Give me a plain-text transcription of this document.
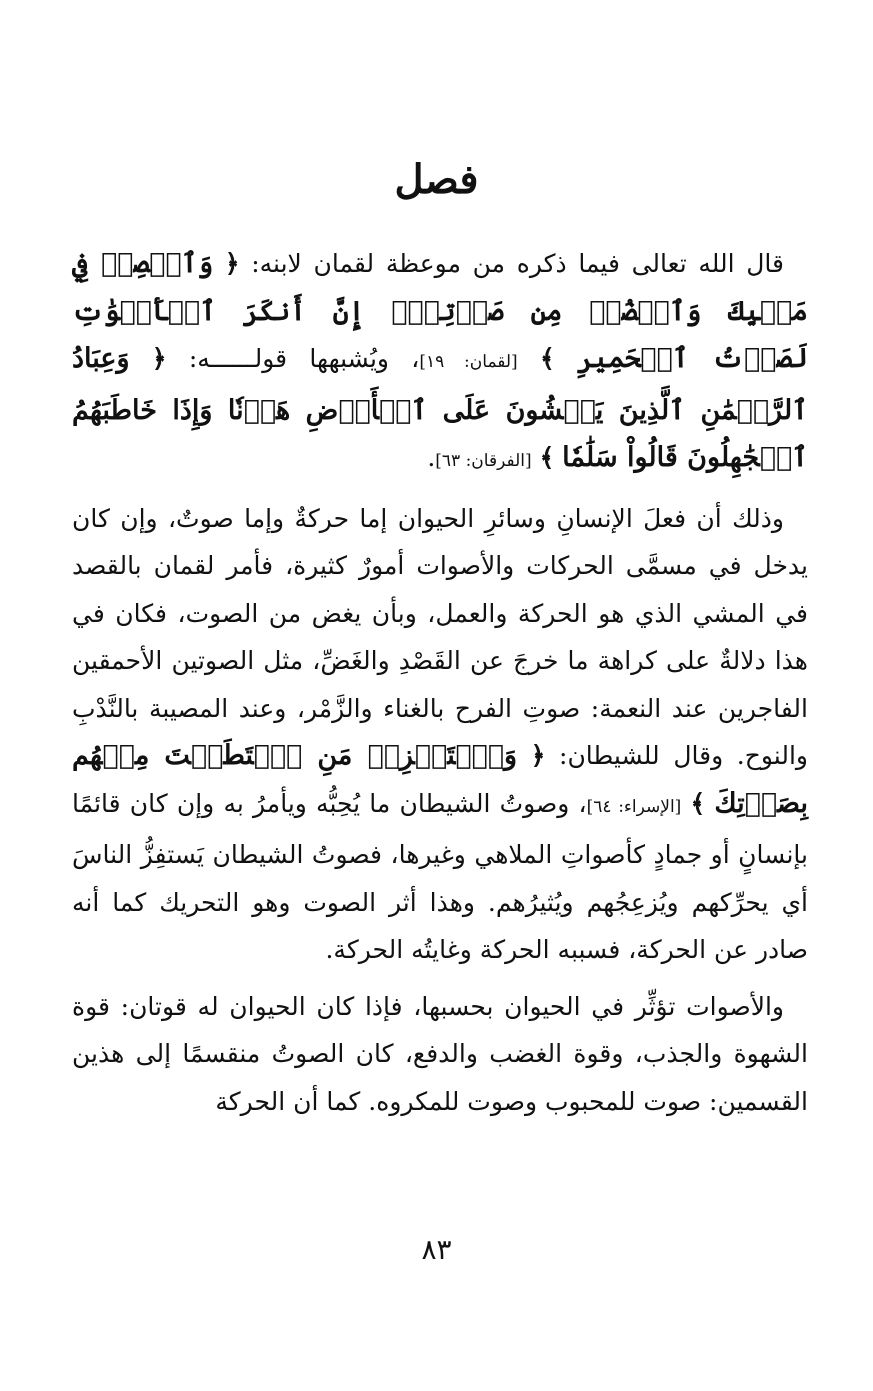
فصل

قال الله تعالى فيما ذكره من موعظة لقمان لابنه: ﴿ وَٱقۡصِدۡ فِي مَشۡيِكَ وَٱغۡضُضۡ مِن صَوۡتِكَۚ إِنَّ أَنكَرَ ٱلۡأَصۡوَٰتِ لَصَوۡتُ ٱلۡحَمِيرِ ﴾ [لقمان: ١٩]، ويُشبهها قولــــــه: ﴿ وَعِبَادُ ٱلرَّحۡمَٰنِ ٱلَّذِينَ يَمۡشُونَ عَلَى ٱلۡأَرۡضِ هَوۡنٗا وَإِذَا خَاطَبَهُمُ ٱلۡجَٰهِلُونَ قَالُواْ سَلَٰمٗا ﴾ [الفرقان: ٦٣].

وذلك أن فعلَ الإنسانِ وسائرِ الحيوان إما حركةٌ وإما صوتٌ، وإن كان يدخل في مسمَّى الحركات والأصوات أمورٌ كثيرة، فأمر لقمان بالقصد في المشي الذي هو الحركة والعمل، وبأن يغض من الصوت، فكان في هذا دلالةٌ على كراهة ما خرجَ عن القَصْدِ والغَضِّ، مثل الصوتين الأحمقين الفاجرين عند النعمة: صوتِ الفرح بالغناء والزَّمْر، وعند المصيبة بالنَّدْبِ والنوح. وقال للشيطان: ﴿ وَٱسۡتَفۡزِزۡ مَنِ ٱسۡتَطَعۡتَ مِنۡهُم بِصَوۡتِكَ ﴾ [الإسراء: ٦٤]، وصوتُ الشيطان ما يُحِبُّه ويأمرُ به وإن كان قائمًا بإنسانٍ أو جمادٍ كأصواتِ الملاهي وغيرها، فصوتُ الشيطان يَستفِزُّ الناسَ أي يحرِّكهم ويُزعِجُهم ويُثيرُهم. وهذا أثر الصوت وهو التحريك كما أنه صادر عن الحركة، فسببه الحركة وغايتُه الحركة.

والأصوات تؤثِّر في الحيوان بحسبها، فإذا كان الحيوان له قوتان: قوة الشهوة والجذب، وقوة الغضب والدفع، كان الصوتُ منقسمًا إلى هذين القسمين: صوت للمحبوب وصوت للمكروه. كما أن الحركة

٨٣
